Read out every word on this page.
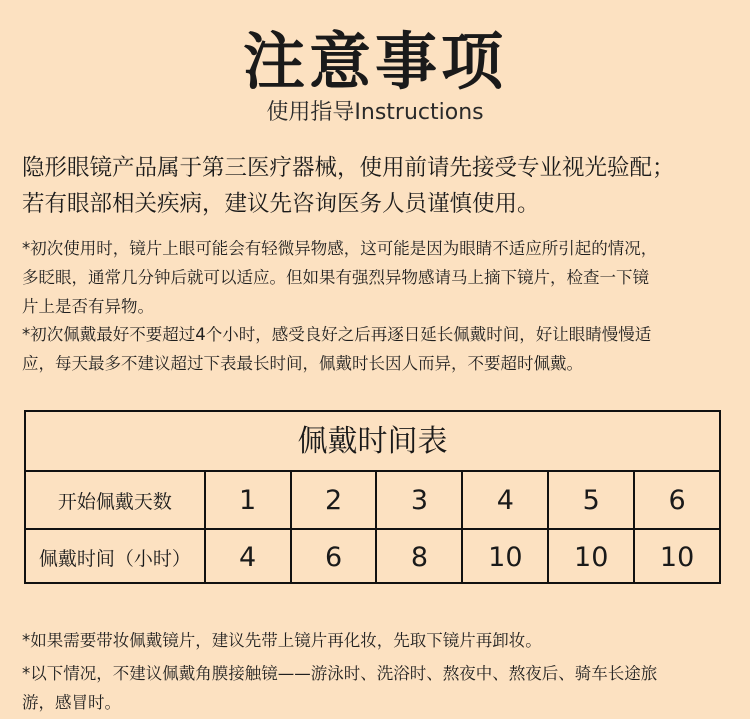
注意事项
使用指导Instructions

隐形眼镜产品属于第三医疗器械，使用前请先接受专业视光验配；

若有眼部相关疾病，建议先咨询医务人员谨慎使用。

*初次使用时，镜片上眼可能会有轻微异物感，这可能是因为眼睛不适应所引起的情况，

多眨眼，通常几分钟后就可以适应。但如果有强烈异物感请马上摘下镜片，检查一下镜

片上是否有异物。

*初次佩戴最好不要超过4个小时，感受良好之后再逐日延长佩戴时间，好让眼睛慢慢适

应，每天最多不建议超过下表最长时间，佩戴时长因人而异，不要超时佩戴。

佩戴时间表
开始佩戴天数	1	2	3	4	5	6
佩戴时间（小时）	4	6	8	10	10	10

*如果需要带妆佩戴镜片，建议先带上镜片再化妆，先取下镜片再卸妆。

*以下情况，不建议佩戴角膜接触镜——游泳时、洗浴时、熬夜中、熬夜后、骑车长途旅

游，感冒时。
